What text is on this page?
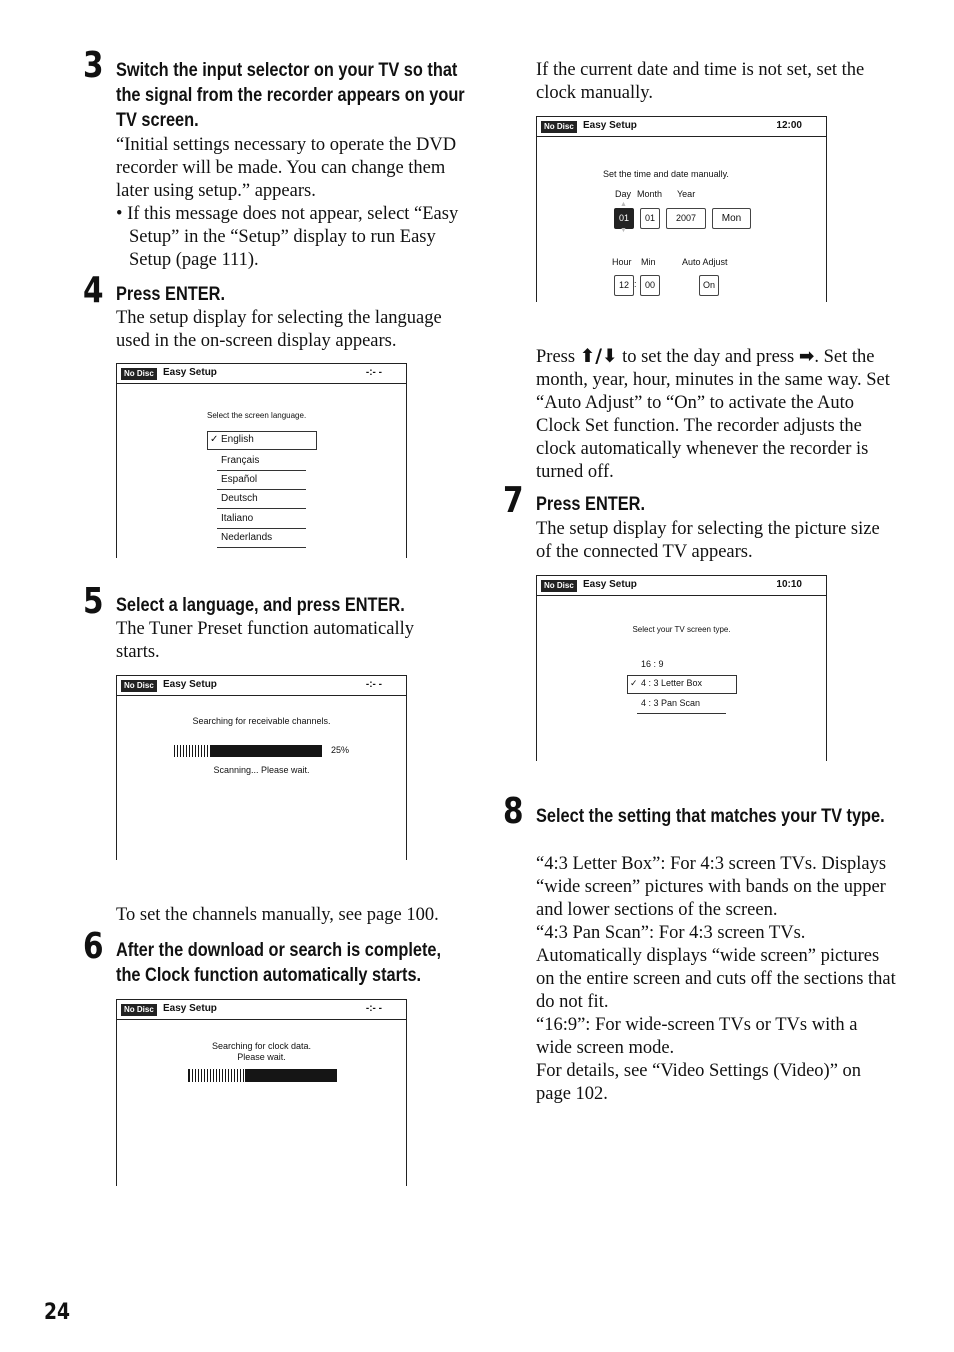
3 Switch the input selector on your TV so that the signal from the recorder appears on your TV screen.

“Initial settings necessary to operate the DVD recorder will be made. You can change them later using setup.” appears.

• If this message does not appear, select “Easy Setup” in the “Setup” display to run Easy Setup (page 111).

4 Press ENTER.
The setup display for selecting the language used in the on-screen display appears.
No Disc Easy Setup	-:- -
Select the screen language.
✓ English
Français
Español
Deutsch
Italiano
Nederlands
5 Select a language, and press ENTER.
The Tuner Preset function automatically starts.
No Disc Easy Setup	-:- -
Searching for receivable channels.
25%
Scanning... Please wait.
To set the channels manually, see page 100.
6 After the download or search is complete, the Clock function automatically starts.
No Disc Easy Setup	-:- -
Searching for clock data.
Please wait.
If the current date and time is not set, set the clock manually.
No Disc Easy Setup	12:00
Set the time and date manually.
Day Month Year
▲
01
▼
01	2007	Mon
Hour Min	Auto Adjust
12 : 00	On
Press ⬆/⬇ to set the day and press ➡. Set the month, year, hour, minutes in the same way. Set “Auto Adjust” to “On” to activate the Auto Clock Set function. The recorder adjusts the clock automatically whenever the recorder is turned off.
7 Press ENTER.
The setup display for selecting the picture size of the connected TV appears.
No Disc Easy Setup	10:10
Select your TV screen type.
16 : 9
✓ 4 : 3 Letter Box
4 : 3 Pan Scan
8 Select the setting that matches your TV type.

“4:3 Letter Box”: For 4:3 screen TVs. Displays “wide screen” pictures with bands on the upper and lower sections of the screen.

“4:3 Pan Scan”: For 4:3 screen TVs. Automatically displays “wide screen” pictures on the entire screen and cuts off the sections that do not fit.

“16:9”: For wide-screen TVs or TVs with a wide screen mode.

For details, see “Video Settings (Video)” on page 102.

24
